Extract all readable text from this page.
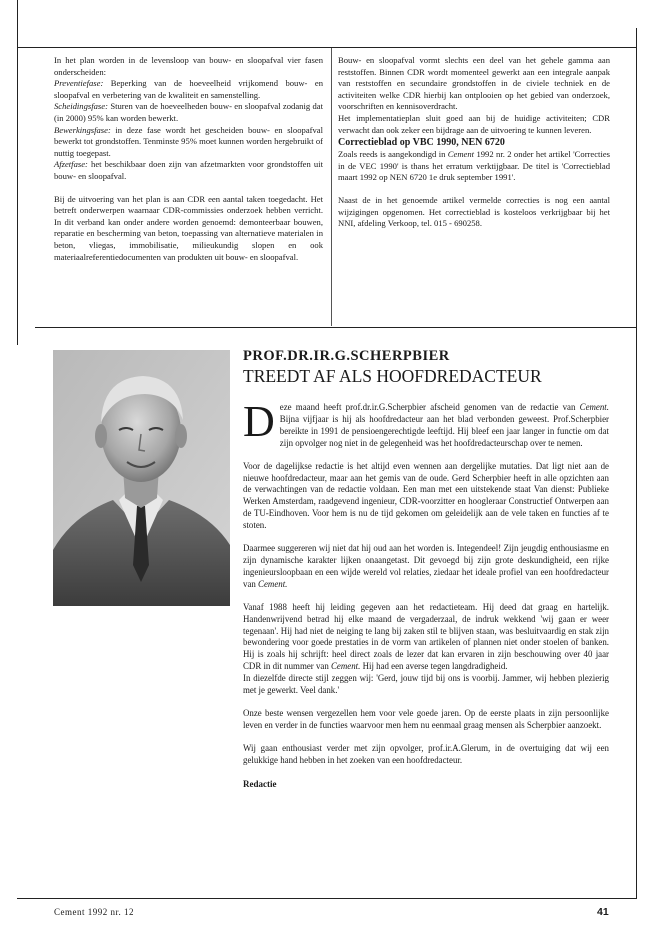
In het plan worden in de levensloop van bouw- en sloopafval vier fasen onderscheiden:

Preventiefase: Beperking van de hoeveelheid vrijkomend bouw- en sloopafval en verbetering van de kwaliteit en samenstelling.

Scheidingsfase: Sturen van de hoeveelheden bouw- en sloopafval zodanig dat (in 2000) 95% kan worden bewerkt.

Bewerkingsfase: in deze fase wordt het gescheiden bouw- en sloopafval bewerkt tot grondstoffen. Tenminste 95% moet kunnen worden hergebruikt of nuttig toegepast.

Afzetfase: het beschikbaar doen zijn van afzetmarkten voor grondstoffen uit bouw- en sloopafval.

Bij de uitvoering van het plan is aan CDR een aantal taken toegedacht. Het betreft onderwerpen waarnaar CDR-commissies onderzoek hebben verricht. In dit verband kan onder andere worden genoemd: demonteerbaar bouwen, reparatie en bescherming van beton, toepassing van alternatieve materialen in beton, vliegas, immobilisatie, milieukundig slopen en ook materiaalreferentiedocumenten van produkten uit bouw- en sloopafval.

Bouw- en sloopafval vormt slechts een deel van het gehele gamma aan reststoffen. Binnen CDR wordt momenteel gewerkt aan een integrale aanpak van reststoffen en secundaire grondstoffen in de civiele techniek en de activiteiten welke CDR hierbij kan ontplooien op het gebied van onderzoek, voorschriften en kennisoverdracht.

Het implementatieplan sluit goed aan bij de huidige activiteiten; CDR verwacht dan ook zeker een bijdrage aan de uitvoering te kunnen leveren.

Correctieblad op VBC 1990, NEN 6720

Zoals reeds is aangekondigd in Cement 1992 nr. 2 onder het artikel 'Correcties in de VEC 1990' is thans het erratum verktijgbaar. De titel is 'Correctieblad maart 1992 op NEN 6720 1e druk september 1991'.

Naast de in het genoemde artikel vermelde correcties is nog een aantal wijzigingen opgenomen. Het correctieblad is kosteloos verkrijgbaar bij het NNI, afdeling Verkoop, tel. 015 - 690258.

PROF.DR.IR.G.SCHERPBIER
TREEDT AF ALS HOOFDREDACTEUR

Deze maand heeft prof.dr.ir.G.Scherpbier afscheid genomen van de redactie van Cement. Bijna vijfjaar is hij als hoofdredacteur aan het blad verbonden geweest. Prof.Scherpbier bereikte in 1991 de pensioengerechtigde leeftijd. Hij bleef een jaar langer in functie om dat zijn opvolger nog niet in de gelegenheid was het hoofdredacteurschap over te nemen.

Voor de dagelijkse redactie is het altijd even wennen aan dergelijke mutaties. Dat ligt niet aan de nieuwe hoofdredacteur, maar aan het gemis van de oude. Gerd Scherpbier heeft in alle opzichten aan de verwachtingen van de redactie voldaan. Een man met een uitstekende staat Van dienst: Publieke Werken Amsterdam, raadgevend ingenieur, CDR-voorzitter en hoogleraar Constructief Ontwerpen aan de TU-Eindhoven. Voor hem is nu de tijd gekomen om geleidelijk aan de vele taken en functies af te stoten.

Daarmee suggereren wij niet dat hij oud aan het worden is. Integendeel! Zijn jeugdig enthousiasme en zijn dynamische karakter lijken onaangetast. Dit gevoegd bij zijn grote deskundigheid, een rijke ingenieursloopbaan en een wijde wereld vol relaties, ziedaar het ideale profiel van een hoofdredacteur van Cement.

Vanaf 1988 heeft hij leiding gegeven aan het redactieteam. Hij deed dat graag en hartelijk. Handenwrijvend betrad hij elke maand de vergaderzaal, de indruk wekkend 'wij gaan er weer tegenaan'. Hij had niet de neiging te lang bij zaken stil te blijven staan, was besluitvaardig en stak zijn bewondering voor goede prestaties in de vorm van artikelen of plannen niet onder stoelen of banken. Hij is zoals hij schrijft: heel direct zoals de lezer dat kan ervaren in zijn beschouwing over 40 jaar CDR in dit nummer van Cement. Hij had een averse tegen langdradigheid.

In diezelfde directe stijl zeggen wij: 'Gerd, jouw tijd bij ons is voorbij. Jammer, wij hebben plezierig met je gewerkt. Veel dank.'

Onze beste wensen vergezellen hem voor vele goede jaren. Op de eerste plaats in zijn persoonlijke leven en verder in de functies waarvoor men hem nu eenmaal graag mensen als Scherpbier aanzoekt.

Wij gaan enthousiast verder met zijn opvolger, prof.ir.A.Glerum, in de overtuiging dat wij een gelukkige hand hebben in het zoeken van een hoofdredacteur.

Redactie

Cement 1992 nr. 12	41
